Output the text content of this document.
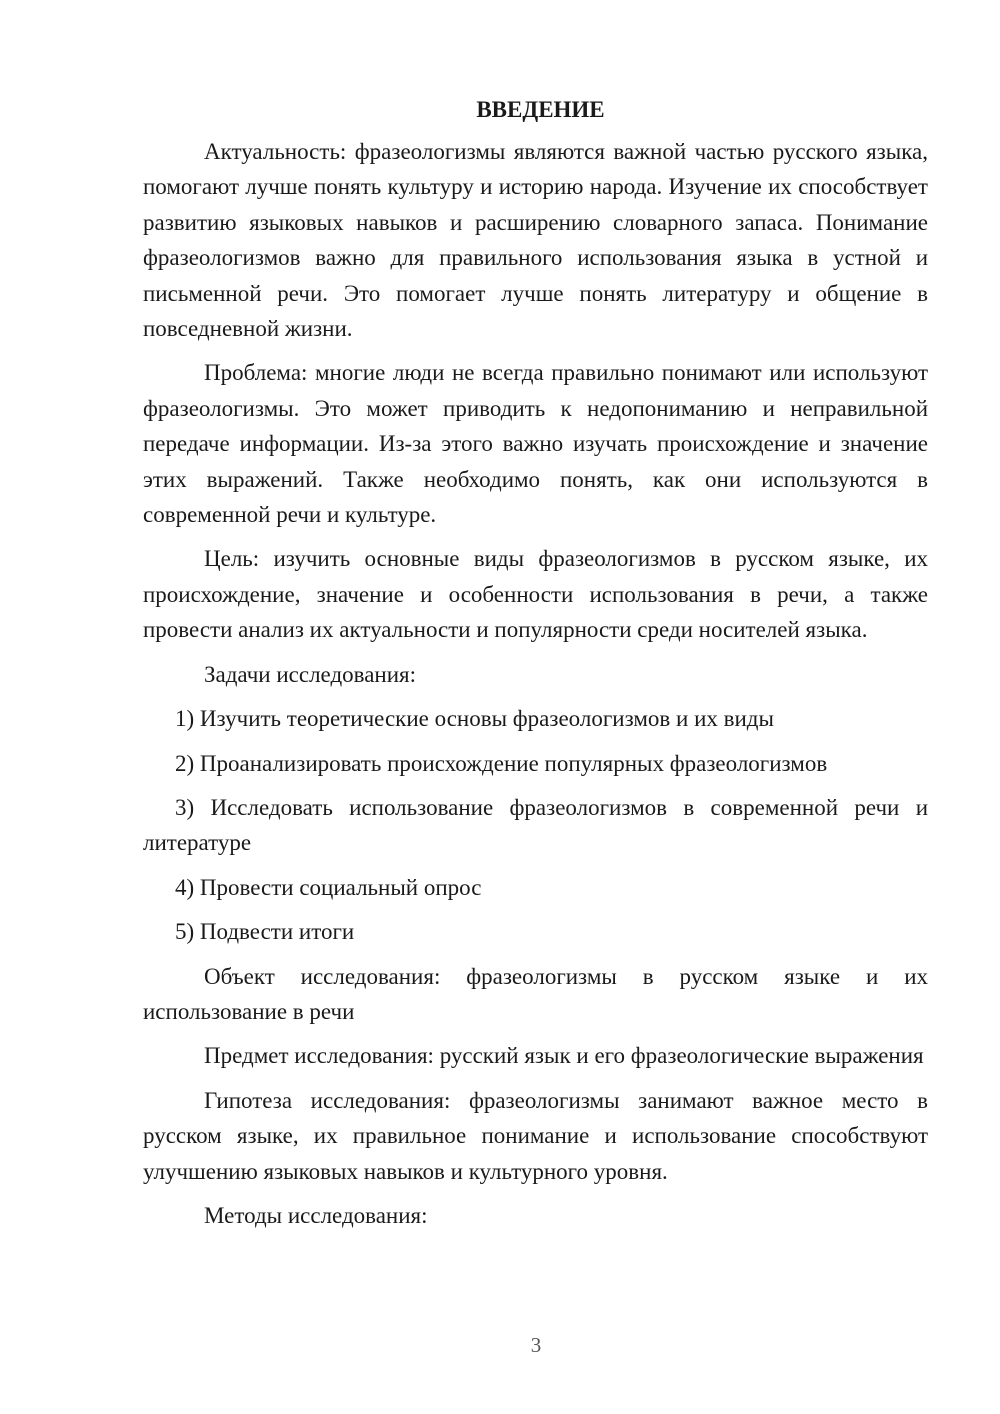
ВВЕДЕНИЕ

Актуальность: фразеологизмы являются важной частью русского языка, помогают лучше понять культуру и историю народа. Изучение их способствует развитию языковых навыков и расширению словарного запаса. Понимание фразеологизмов важно для правильного использования языка в устной и письменной речи. Это помогает лучше понять литературу и общение в повседневной жизни.

Проблема: многие люди не всегда правильно понимают или используют фразеологизмы. Это может приводить к недопониманию и неправильной передаче информации. Из-за этого важно изучать происхождение и значение этих выражений. Также необходимо понять, как они используются в современной речи и культуре.

Цель: изучить основные виды фразеологизмов в русском языке, их происхождение, значение и особенности использования в речи, а также провести анализ их актуальности и популярности среди носителей языка.

Задачи исследования:

1) Изучить теоретические основы фразеологизмов и их виды

2) Проанализировать происхождение популярных фразеологизмов

3) Исследовать использование фразеологизмов в современной речи и литературе

4) Провести социальный опрос

5) Подвести итоги

Объект исследования: фразеологизмы в русском языке и их использование в речи

Предмет исследования: русский язык и его фразеологические выражения

Гипотеза исследования: фразеологизмы занимают важное место в русском языке, их правильное понимание и использование способствуют улучшению языковых навыков и культурного уровня.

Методы исследования:

3
